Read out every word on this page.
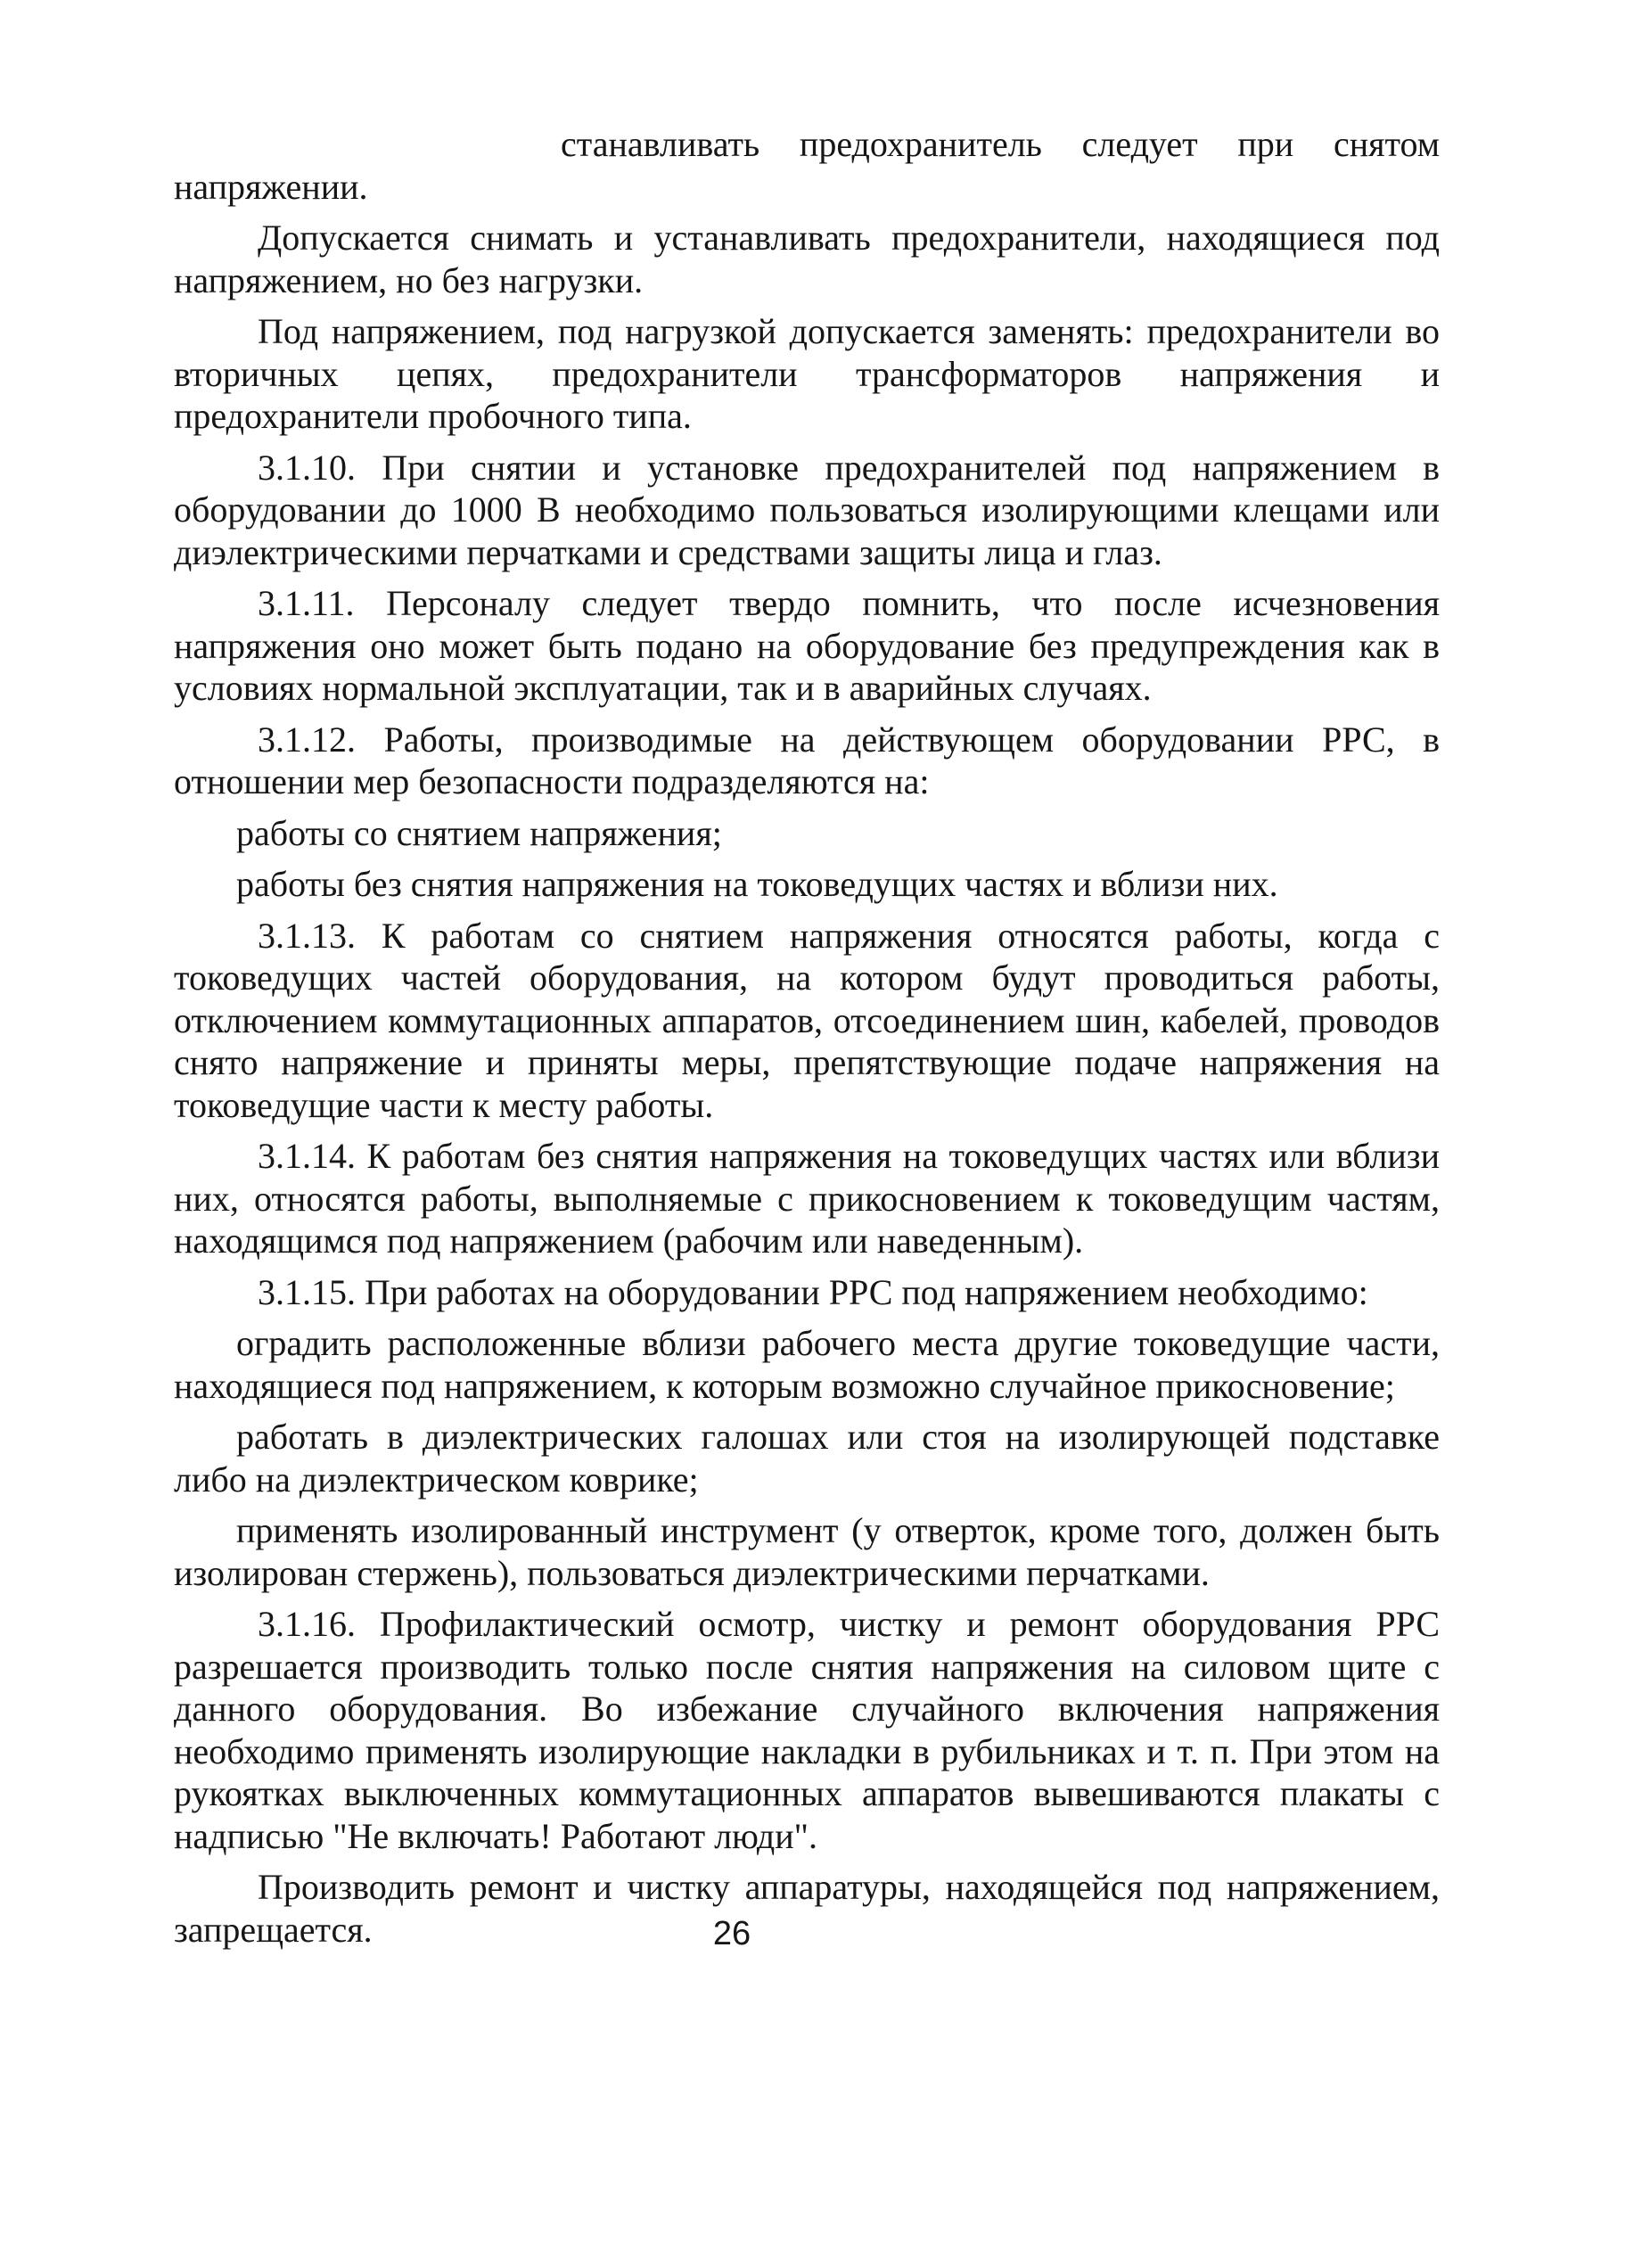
станавливать предохранитель следует при снятом напряжении.

Допускается снимать и устанавливать предохранители, находящиеся под напряжением, но без нагрузки.

Под напряжением, под нагрузкой допускается заменять: предохранители во вторичных цепях, предохранители трансформаторов напряжения и предохранители пробочного типа.

3.1.10. При снятии и установке предохранителей под напряжением в оборудовании до 1000 В необходимо пользоваться изолирующими клещами или диэлектрическими перчатками и средствами защиты лица и глаз.

3.1.11. Персоналу следует твердо помнить, что после исчезновения напряжения оно может быть подано на оборудование без предупреждения как в условиях нормальной эксплуатации, так и в аварийных случаях.

3.1.12. Работы, производимые на действующем оборудовании РРС, в отношении мер безопасности подразделяются на:

работы со снятием напряжения;

работы без снятия напряжения на токоведущих частях и вблизи них.

3.1.13. К работам со снятием напряжения относятся работы, когда с токоведущих частей оборудования, на котором будут проводиться работы, отключением коммутационных аппаратов, отсоединением шин, кабелей, проводов снято напряжение и приняты меры, препятствующие подаче напряжения на токоведущие части к месту работы.

3.1.14. К работам без снятия напряжения на токоведущих частях или вблизи них, относятся работы, выполняемые с прикосновением к токоведущим частям, находящимся под напряжением (рабочим или наведенным).

3.1.15. При работах на оборудовании РРС под напряжением необходимо:

оградить расположенные вблизи рабочего места другие токоведущие части, находящиеся под напряжением, к которым возможно случайное прикосновение;

работать в диэлектрических галошах или стоя на изолирующей подставке либо на диэлектрическом коврике;

применять изолированный инструмент (у отверток, кроме того, должен быть изолирован стержень), пользоваться диэлектрическими перчатками.

3.1.16. Профилактический осмотр, чистку и ремонт оборудования РРС разрешается производить только после снятия напряжения на силовом щите с данного оборудования. Во избежание случайного включения напряжения необходимо применять изолирующие накладки в рубильниках и т. п. При этом на рукоятках выключенных коммутационных аппаратов вывешиваются плакаты с надписью "Не включать! Работают люди".

Производить ремонт и чистку аппаратуры, находящейся под напряжением, запрещается.	26
